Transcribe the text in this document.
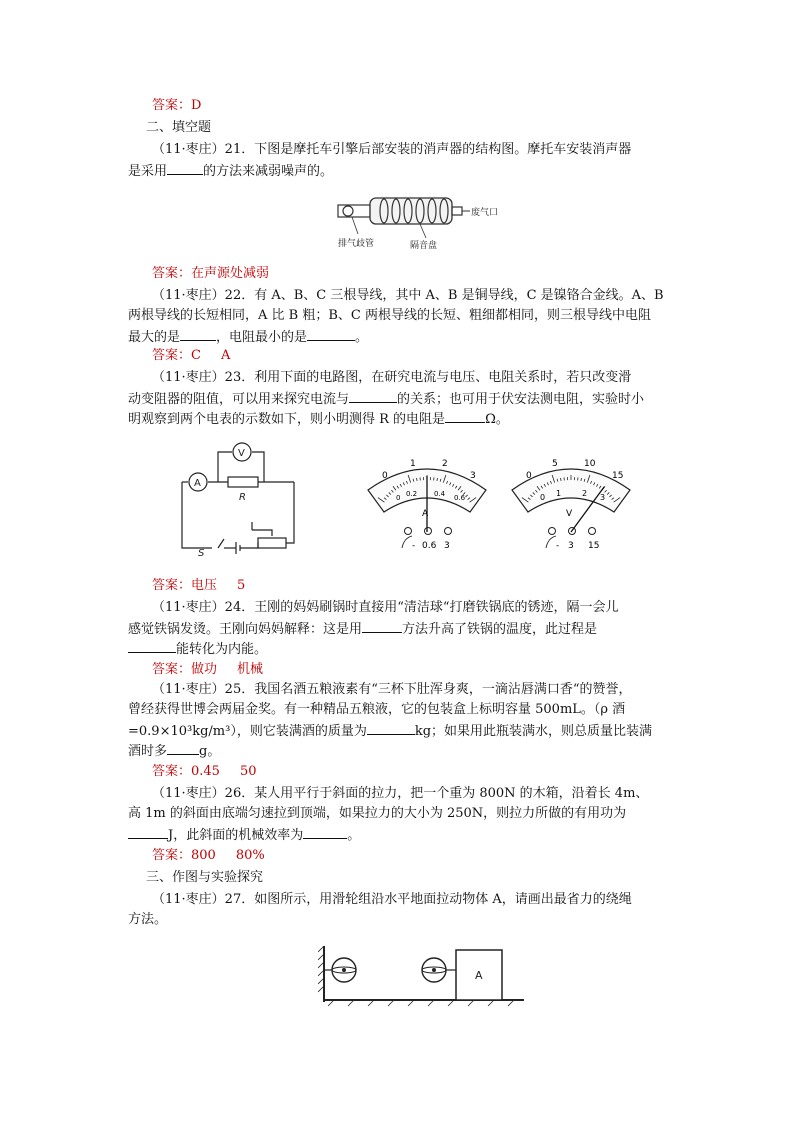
答案：D
二、填空题
（11·枣庄）21．下图是摩托车引擎后部安装的消声器的结构图。摩托车安装消声器
是采用	的方法来减弱噪声的。
废气口
排气歧管	隔音盘
答案：在声源处减弱
（11·枣庄）22．有 A、B、C 三根导线，其中 A、B 是铜导线，C 是镍铬合金线。A、B
两根导线的长短相同，A 比 B 粗；B、C 两根导线的长短、粗细都相同，则三根导线中电阻
最大的是	，电阻最小的是	。
答案：C A
（11·枣庄）23．利用下面的电路图，在研究电流与电压、电阻关系时，若只改变滑
动变阻器的阻值，可以用来探究电流与	的关系；也可用于伏安法测电阻，实验时小
明观察到两个电表的示数如下，则小明测得 R 的电阻是	Ω。
A
V
R
S
0
1	2
3
0 0.2 0.4 0.6
A
- 0.6 3
0
5	10
15
0 1	2 3
V
- 3 15
答案：电压 5
（11·枣庄）24．王刚的妈妈刷锅时直接用“清洁球“打磨铁锅底的锈迹，隔一会儿
感觉铁锅发烫。王刚向妈妈解释：这是用	方法升高了铁锅的温度，此过程是
能转化为内能。
答案：做功 机械
（11·枣庄）25．我国名酒五粮液素有“三杯下肚浑身爽，一滴沾唇满口香“的赞誉，
曾经获得世博会两届金奖。有一种精品五粮液，它的包装盒上标明容量 500mL。（ρ 酒
=0.9×10³kg/m³），则它装满酒的质量为	kg；如果用此瓶装满水，则总质量比装满
酒时多 g。
答案：0.45 50
（11·枣庄）26．某人用平行于斜面的拉力，把一个重为 800N 的木箱，沿着长 4m、
高 1m 的斜面由底端匀速拉到顶端，如果拉力的大小为 250N，则拉力所做的有用功为
J，此斜面的机械效率为	。
答案：800 80%
三、作图与实验探究
（11·枣庄）27．如图所示，用滑轮组沿水平地面拉动物体 A，请画出最省力的绕绳
方法。
A
